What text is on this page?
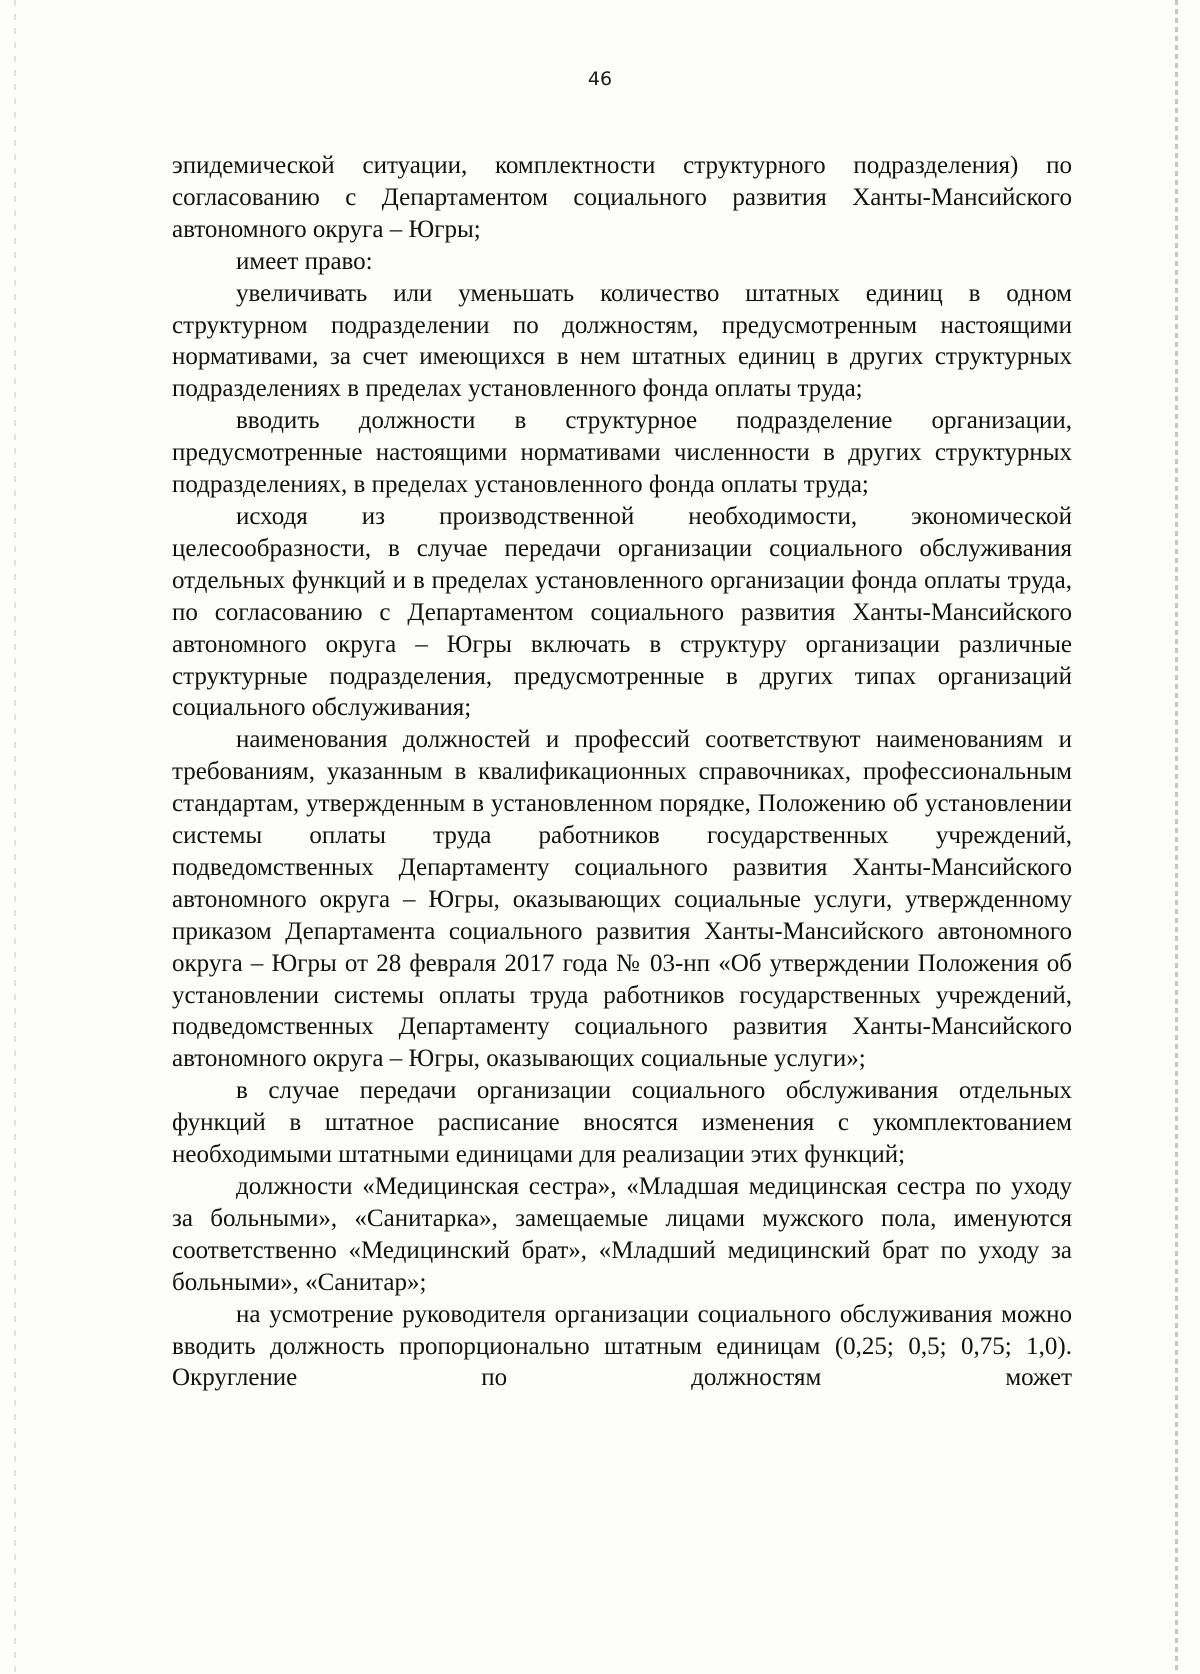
46

эпидемической ситуации, комплектности структурного подразделения) по согласованию с Департаментом социального развития Ханты-Мансийского автономного округа – Югры;

имеет право:

увеличивать или уменьшать количество штатных единиц в одном структурном подразделении по должностям, предусмотренным настоящими нормативами, за счет имеющихся в нем штатных единиц в других структурных подразделениях в пределах установленного фонда оплаты труда;

вводить должности в структурное подразделение организации, предусмотренные настоящими нормативами численности в других структурных подразделениях, в пределах установленного фонда оплаты труда;

исходя из производственной необходимости, экономической целесообразности, в случае передачи организации социального обслуживания отдельных функций и в пределах установленного организации фонда оплаты труда, по согласованию с Департаментом социального развития Ханты-Мансийского автономного округа – Югры включать в структуру организации различные структурные подразделения, предусмотренные в других типах организаций социального обслуживания;

наименования должностей и профессий соответствуют наименованиям и требованиям, указанным в квалификационных справочниках, профессиональным стандартам, утвержденным в установленном порядке, Положению об установлении системы оплаты труда работников государственных учреждений, подведомственных Департаменту социального развития Ханты-Мансийского автономного округа – Югры, оказывающих социальные услуги, утвержденному приказом Департамента социального развития Ханты-Мансийского автономного округа – Югры от 28 февраля 2017 года № 03-нп «Об утверждении Положения об установлении системы оплаты труда работников государственных учреждений, подведомственных Департаменту социального развития Ханты-Мансийского автономного округа – Югры, оказывающих социальные услуги»;

в случае передачи организации социального обслуживания отдельных функций в штатное расписание вносятся изменения с укомплектованием необходимыми штатными единицами для реализации этих функций;

должности «Медицинская сестра», «Младшая медицинская сестра по уходу за больными», «Санитарка», замещаемые лицами мужского пола, именуются соответственно «Медицинский брат», «Младший медицинский брат по уходу за больными», «Санитар»;

на усмотрение руководителя организации социального обслуживания можно вводить должность пропорционально штатным единицам (0,25; 0,5; 0,75; 1,0). Округление по должностям может
